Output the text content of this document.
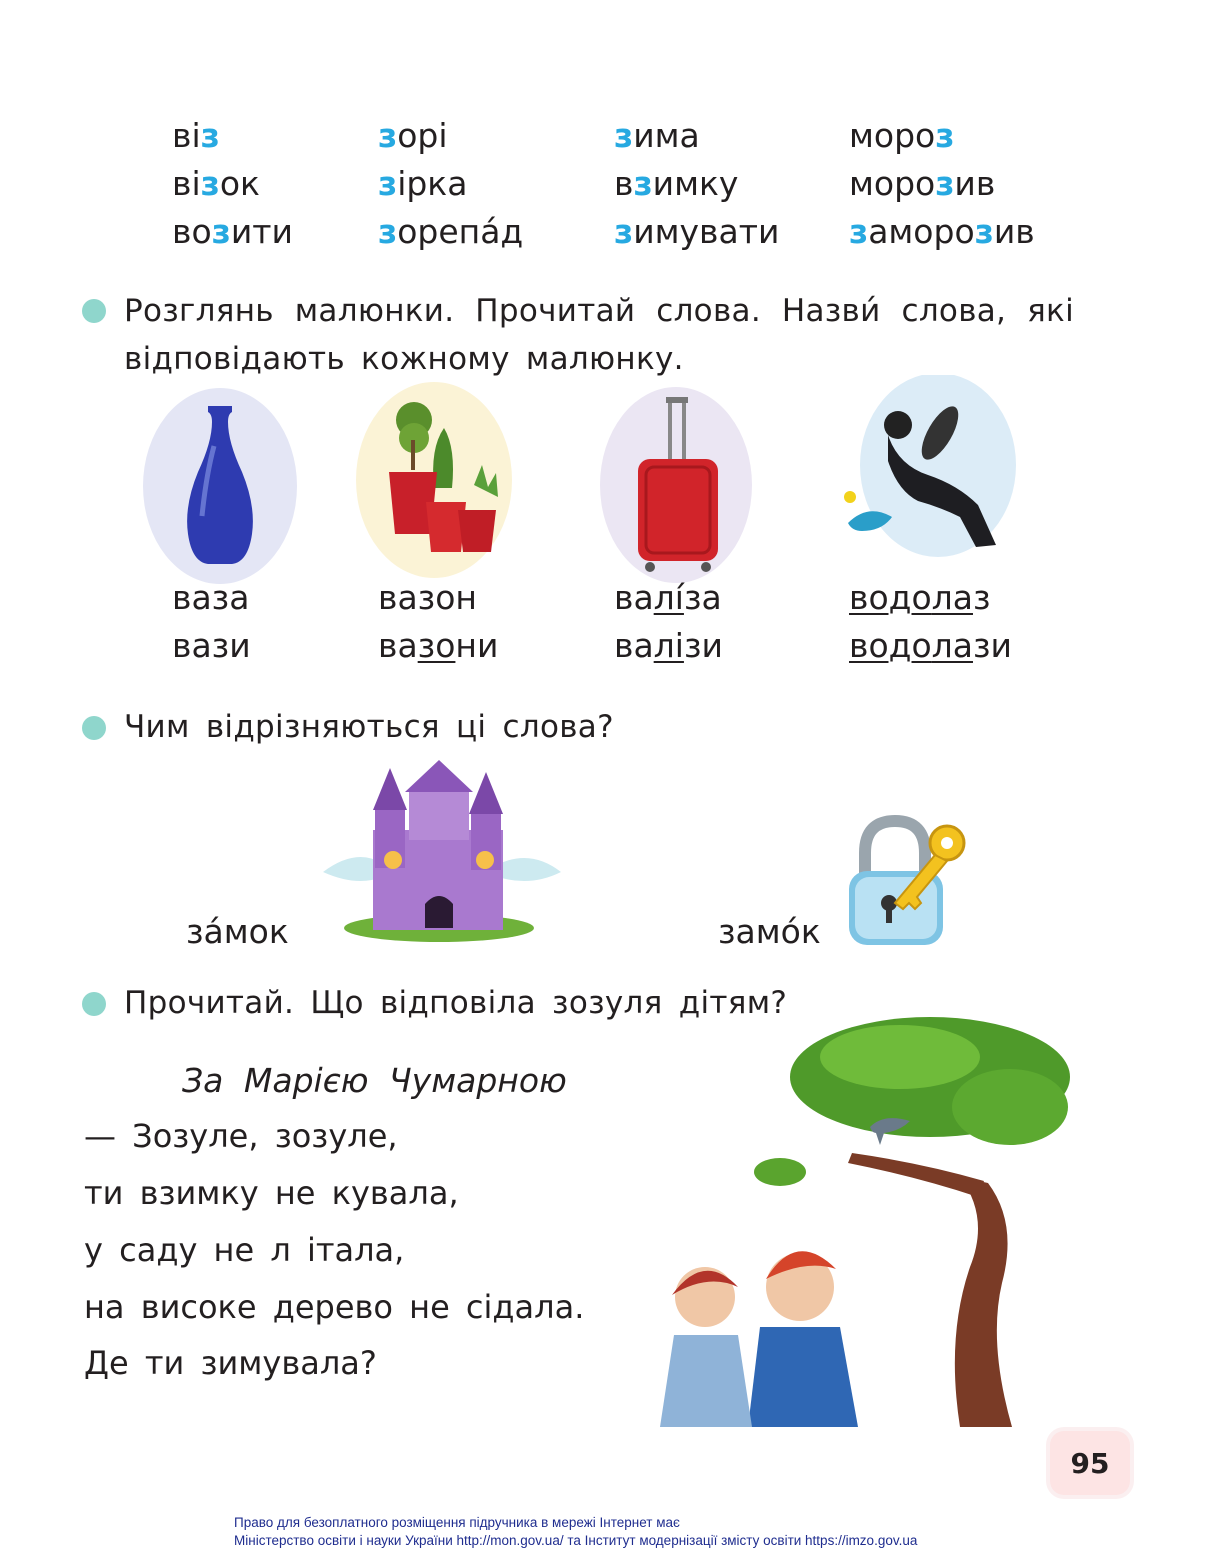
віз
візок
возити
зорі
зірка
зорепа́д
зима
взимку
зимувати
мороз
морозив
заморозив
Розглянь малюнки. Прочитай слова. Назви́ слова, які відповідають кожному малюнку.
ваза
вази
вазон
вазони
валі́за
валізи
водолаз
водолази
Чим відрізняються ці слова?
за́мок	замо́к
Прочитай. Що відповіла зозуля дітям?
За Марією Чумарною
— Зозуле, зозуле,
ти взимку не кувала,
у саду не л італа,
на високе дерево не сідала.
Де ти зимувала?
95
Право для безоплатного розміщення підручника в мережі Інтернет має
Міністерство освіти і науки України http://mon.gov.ua/ та Інститут модернізації змісту освіти https://imzo.gov.ua
